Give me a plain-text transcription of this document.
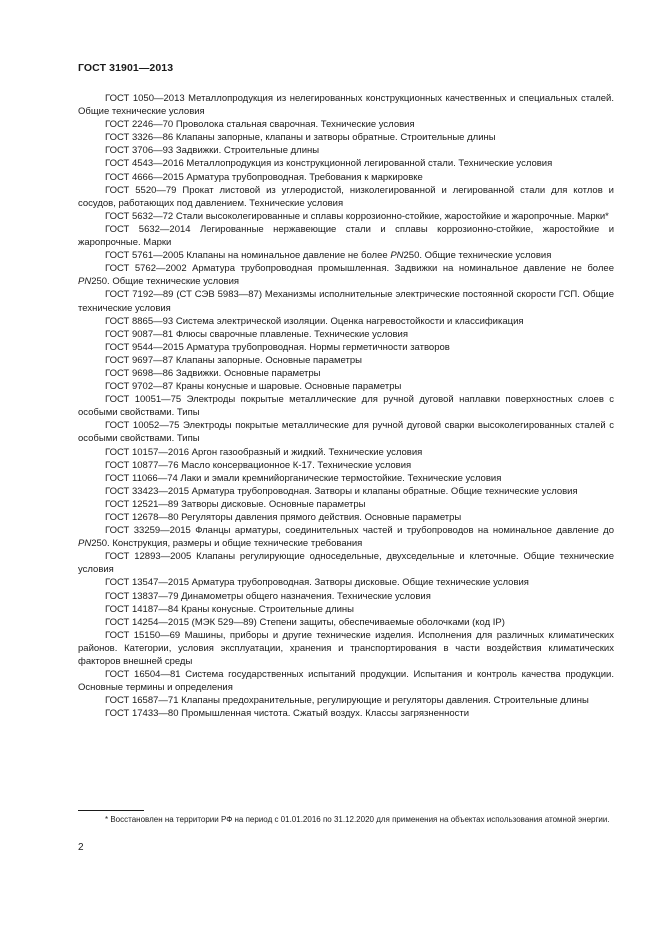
ГОСТ 31901—2013

ГОСТ 1050—2013 Металлопродукция из нелегированных конструкционных качественных и специальных сталей. Общие технические условия

ГОСТ 2246—70 Проволока стальная сварочная. Технические условия

ГОСТ 3326—86 Клапаны запорные, клапаны и затворы обратные. Строительные длины

ГОСТ 3706—93 Задвижки. Строительные длины

ГОСТ 4543—2016 Металлопродукция из конструкционной легированной стали. Технические условия

ГОСТ 4666—2015 Арматура трубопроводная. Требования к маркировке

ГОСТ 5520—79 Прокат листовой из углеродистой, низколегированной и легированной стали для котлов и сосудов, работающих под давлением. Технические условия

ГОСТ 5632—72 Стали высоколегированные и сплавы коррозионно-стойкие, жаростойкие и жаропрочные. Марки*

ГОСТ 5632—2014 Легированные нержавеющие стали и сплавы коррозионно-стойкие, жаростойкие и жаропрочные. Марки

ГОСТ 5761—2005 Клапаны на номинальное давление не более PN250. Общие технические условия

ГОСТ 5762—2002 Арматура трубопроводная промышленная. Задвижки на номинальное давление не более PN250. Общие технические условия

ГОСТ 7192—89 (СТ СЭВ 5983—87) Механизмы исполнительные электрические постоянной скорости ГСП. Общие технические условия

ГОСТ 8865—93 Система электрической изоляции. Оценка нагревостойкости и классификация

ГОСТ 9087—81 Флюсы сварочные плавленые. Технические условия

ГОСТ 9544—2015 Арматура трубопроводная. Нормы герметичности затворов

ГОСТ 9697—87 Клапаны запорные. Основные параметры

ГОСТ 9698—86 Задвижки. Основные параметры

ГОСТ 9702—87 Краны конусные и шаровые. Основные параметры

ГОСТ 10051—75 Электроды покрытые металлические для ручной дуговой наплавки поверхностных слоев с особыми свойствами. Типы

ГОСТ 10052—75 Электроды покрытые металлические для ручной дуговой сварки высоколегированных сталей с особыми свойствами. Типы

ГОСТ 10157—2016 Аргон газообразный и жидкий. Технические условия

ГОСТ 10877—76 Масло консервационное К-17. Технические условия

ГОСТ 11066—74 Лаки и эмали кремнийорганические термостойкие. Технические условия

ГОСТ 33423—2015 Арматура трубопроводная. Затворы и клапаны обратные. Общие технические условия

ГОСТ 12521—89 Затворы дисковые. Основные параметры

ГОСТ 12678—80 Регуляторы давления прямого действия. Основные параметры

ГОСТ 33259—2015 Фланцы арматуры, соединительных частей и трубопроводов на номинальное давление до PN250. Конструкция, размеры и общие технические требования

ГОСТ 12893—2005 Клапаны регулирующие односедельные, двухседельные и клеточные. Общие технические условия

ГОСТ 13547—2015 Арматура трубопроводная. Затворы дисковые. Общие технические условия

ГОСТ 13837—79 Динамометры общего назначения. Технические условия

ГОСТ 14187—84 Краны конусные. Строительные длины

ГОСТ 14254—2015 (МЭК 529—89) Степени защиты, обеспечиваемые оболочками (код IP)

ГОСТ 15150—69 Машины, приборы и другие технические изделия. Исполнения для различных климатических районов. Категории, условия эксплуатации, хранения и транспортирования в части воздействия климатических факторов внешней среды

ГОСТ 16504—81 Система государственных испытаний продукции. Испытания и контроль качества продукции. Основные термины и определения

ГОСТ 16587—71 Клапаны предохранительные, регулирующие и регуляторы давления. Строительные длины

ГОСТ 17433—80 Промышленная чистота. Сжатый воздух. Классы загрязненности

* Восстановлен на территории РФ на период с 01.01.2016 по 31.12.2020 для применения на объектах использования атомной энергии.

2
